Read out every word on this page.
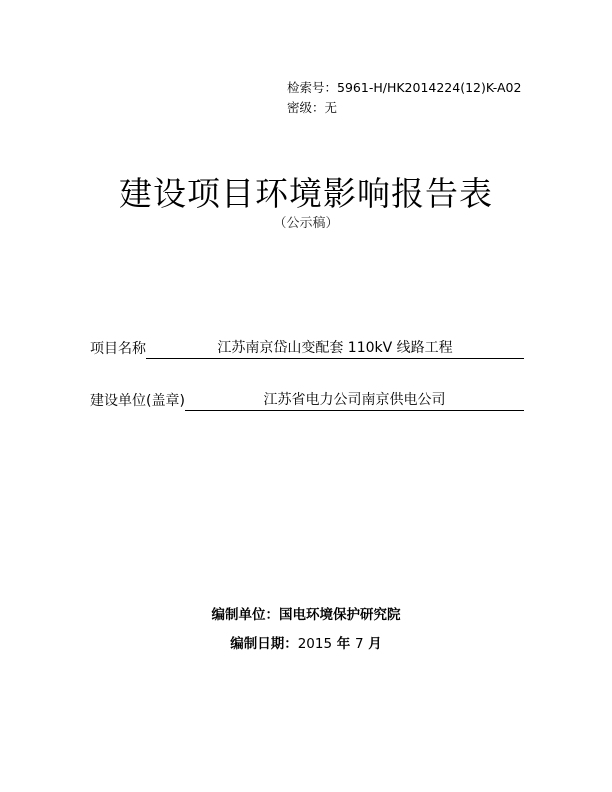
检索号：5961-H/HK2014224(12)K-A02
密级：无
建设项目环境影响报告表
（公示稿）
项目名称	江苏南京岱山变配套 110kV 线路工程
建设单位(盖章)	江苏省电力公司南京供电公司
编制单位：国电环境保护研究院
编制日期：2015 年 7 月
